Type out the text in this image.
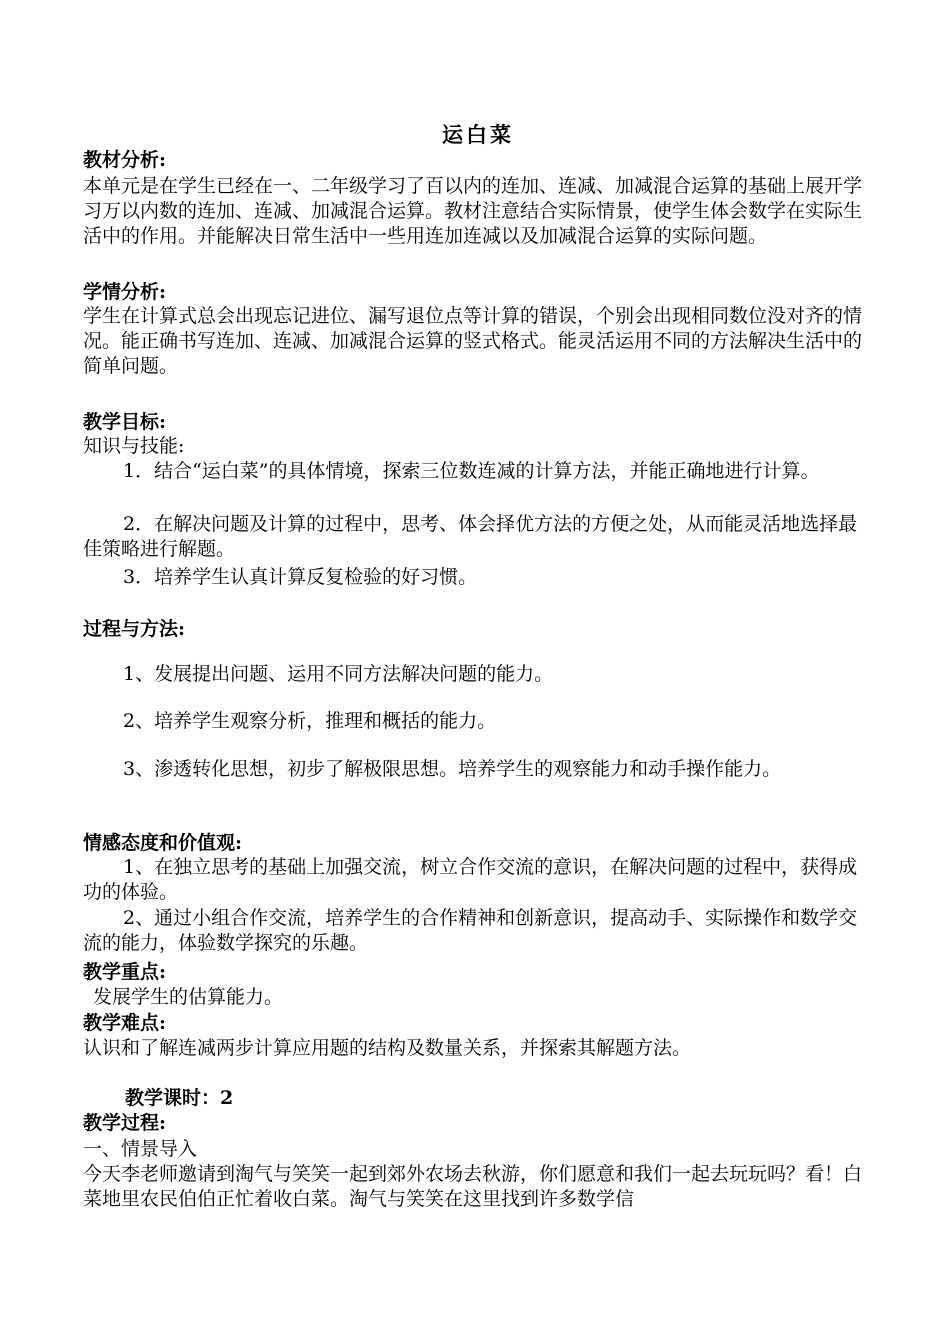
运白菜
教材分析:
本单元是在学生已经在一、二年级学习了百以内的连加、连减、加减混合运算的基础上展开学习万以内数的连加、连减、加减混合运算。教材注意结合实际情景，使学生体会数学在实际生活中的作用。并能解决日常生活中一些用连加连减以及加减混合运算的实际问题。
学情分析:
学生在计算式总会出现忘记进位、漏写退位点等计算的错误，个别会出现相同数位没对齐的情况。能正确书写连加、连减、加减混合运算的竖式格式。能灵活运用不同的方法解决生活中的简单问题。
教学目标:
知识与技能:
1．结合“运白菜”的具体情境，探索三位数连减的计算方法，并能正确地进行计算。
2．在解决问题及计算的过程中，思考、体会择优方法的方便之处，从而能灵活地选择最佳策略进行解题。
3．培养学生认真计算反复检验的好习惯。
过程与方法:
1、发展提出问题、运用不同方法解决问题的能力。
2、培养学生观察分析，推理和概括的能力。
3、渗透转化思想，初步了解极限思想。培养学生的观察能力和动手操作能力。
情感态度和价值观:
1、在独立思考的基础上加强交流，树立合作交流的意识，在解决问题的过程中，获得成功的体验。
2、通过小组合作交流，培养学生的合作精神和创新意识，提高动手、实际操作和数学交流的能力，体验数学探究的乐趣。
教学重点:
发展学生的估算能力。
教学难点:
认识和了解连减两步计算应用题的结构及数量关系，并探索其解题方法。
教学课时：2
教学过程:
一、情景导入
今天李老师邀请到淘气与笑笑一起到郊外农场去秋游，你们愿意和我们一起去玩玩吗？看！白菜地里农民伯伯正忙着收白菜。淘气与笑笑在这里找到许多数学信
